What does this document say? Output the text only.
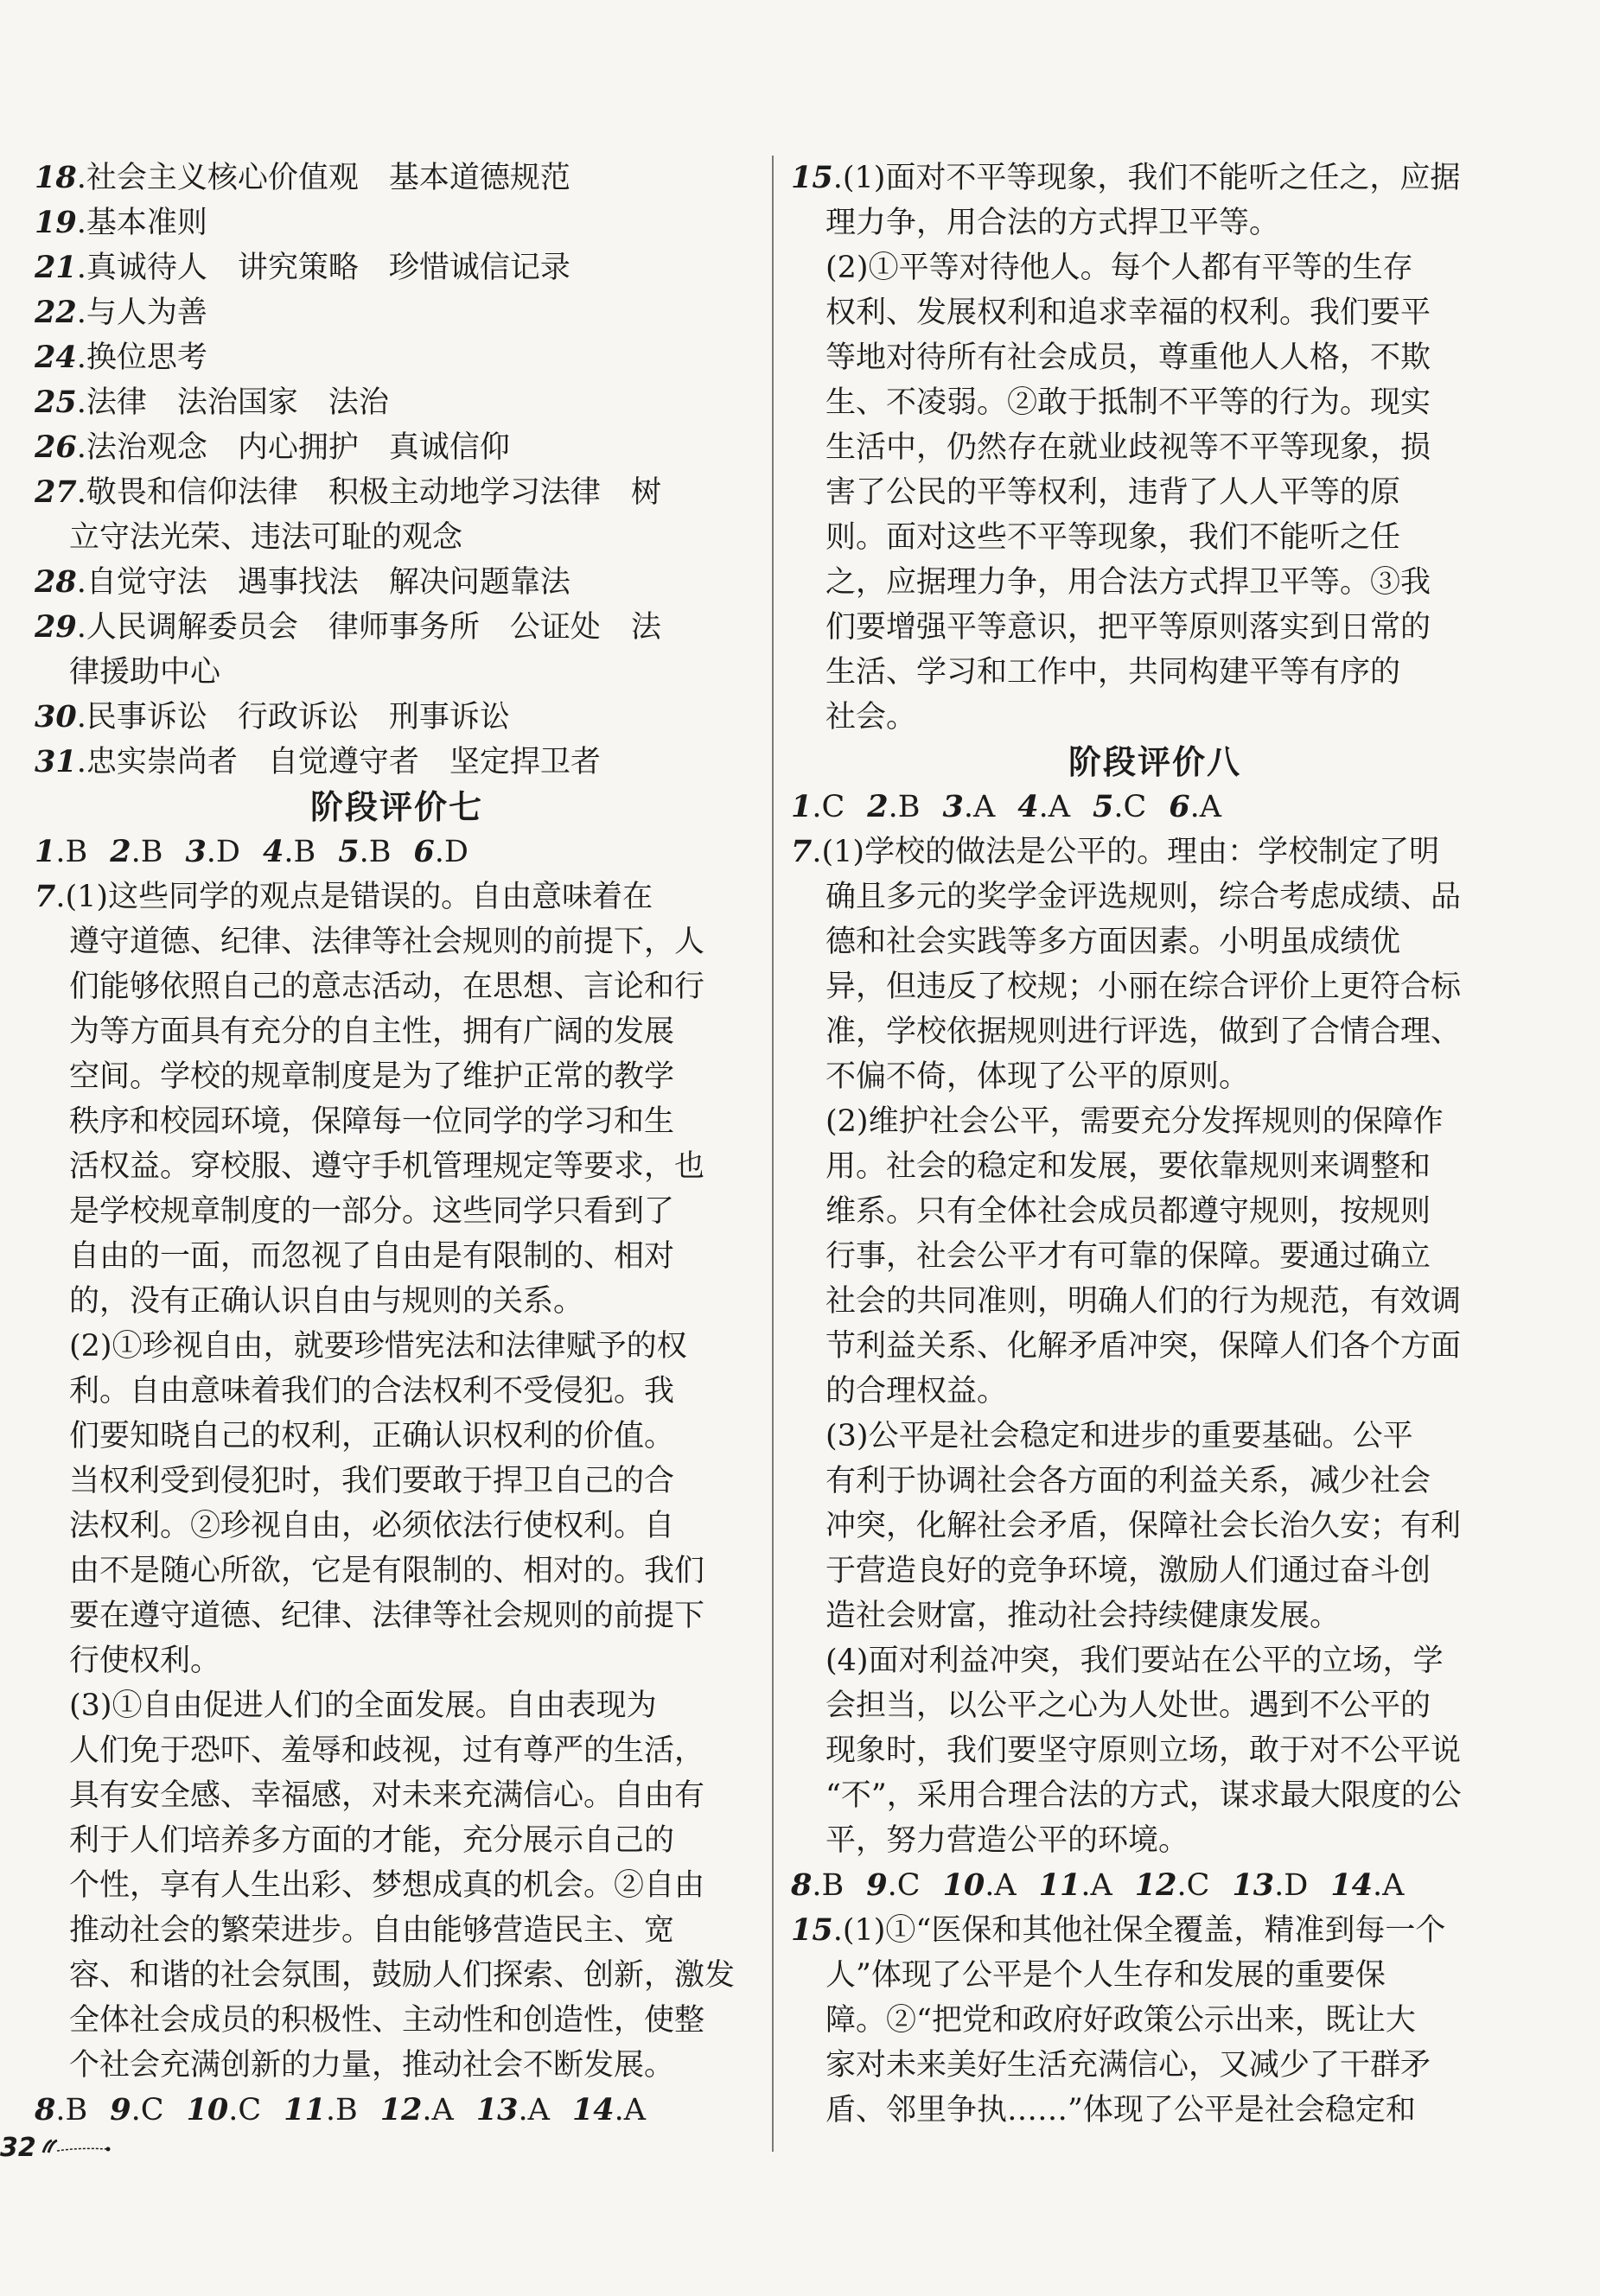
18.社会主义核心价值观　基本道德规范
19.基本准则
21.真诚待人　讲究策略　珍惜诚信记录
22.与人为善
24.换位思考
25.法律　法治国家　法治
26.法治观念　内心拥护　真诚信仰
27.敬畏和信仰法律　积极主动地学习法律　树
立守法光荣、违法可耻的观念
28.自觉守法　遇事找法　解决问题靠法
29.人民调解委员会　律师事务所　公证处　法
律援助中心
30.民事诉讼　行政诉讼　刑事诉讼
31.忠实崇尚者　自觉遵守者　坚定捍卫者
阶段评价七
1.B 2.B 3.D 4.B 5.B 6.D
7.(1)这些同学的观点是错误的。自由意味着在
遵守道德、纪律、法律等社会规则的前提下，人
们能够依照自己的意志活动，在思想、言论和行
为等方面具有充分的自主性，拥有广阔的发展
空间。学校的规章制度是为了维护正常的教学
秩序和校园环境，保障每一位同学的学习和生
活权益。穿校服、遵守手机管理规定等要求，也
是学校规章制度的一部分。这些同学只看到了
自由的一面，而忽视了自由是有限制的、相对
的，没有正确认识自由与规则的关系。
(2)①珍视自由，就要珍惜宪法和法律赋予的权
利。自由意味着我们的合法权利不受侵犯。我
们要知晓自己的权利，正确认识权利的价值。
当权利受到侵犯时，我们要敢于捍卫自己的合
法权利。②珍视自由，必须依法行使权利。自
由不是随心所欲，它是有限制的、相对的。我们
要在遵守道德、纪律、法律等社会规则的前提下
行使权利。
(3)①自由促进人们的全面发展。自由表现为
人们免于恐吓、羞辱和歧视，过有尊严的生活，
具有安全感、幸福感，对未来充满信心。自由有
利于人们培养多方面的才能，充分展示自己的
个性，享有人生出彩、梦想成真的机会。②自由
推动社会的繁荣进步。自由能够营造民主、宽
容、和谐的社会氛围，鼓励人们探索、创新，激发
全体社会成员的积极性、主动性和创造性，使整
个社会充满创新的力量，推动社会不断发展。
8.B 9.C 10.C 11.B 12.A 13.A 14.A
15.(1)面对不平等现象，我们不能听之任之，应据
理力争，用合法的方式捍卫平等。
(2)①平等对待他人。每个人都有平等的生存
权利、发展权利和追求幸福的权利。我们要平
等地对待所有社会成员，尊重他人人格，不欺
生、不凌弱。②敢于抵制不平等的行为。现实
生活中，仍然存在就业歧视等不平等现象，损
害了公民的平等权利，违背了人人平等的原
则。面对这些不平等现象，我们不能听之任
之，应据理力争，用合法方式捍卫平等。③我
们要增强平等意识，把平等原则落实到日常的
生活、学习和工作中，共同构建平等有序的
社会。
阶段评价八
1.C 2.B 3.A 4.A 5.C 6.A
7.(1)学校的做法是公平的。理由：学校制定了明
确且多元的奖学金评选规则，综合考虑成绩、品
德和社会实践等多方面因素。小明虽成绩优
异，但违反了校规；小丽在综合评价上更符合标
准，学校依据规则进行评选，做到了合情合理、
不偏不倚，体现了公平的原则。
(2)维护社会公平，需要充分发挥规则的保障作
用。社会的稳定和发展，要依靠规则来调整和
维系。只有全体社会成员都遵守规则，按规则
行事，社会公平才有可靠的保障。要通过确立
社会的共同准则，明确人们的行为规范，有效调
节利益关系、化解矛盾冲突，保障人们各个方面
的合理权益。
(3)公平是社会稳定和进步的重要基础。公平
有利于协调社会各方面的利益关系，减少社会
冲突，化解社会矛盾，保障社会长治久安；有利
于营造良好的竞争环境，激励人们通过奋斗创
造社会财富，推动社会持续健康发展。
(4)面对利益冲突，我们要站在公平的立场，学
会担当，以公平之心为人处世。遇到不公平的
现象时，我们要坚守原则立场，敢于对不公平说
“不”，采用合理合法的方式，谋求最大限度的公
平，努力营造公平的环境。
8.B 9.C 10.A 11.A 12.C 13.D 14.A
15.(1)①“医保和其他社保全覆盖，精准到每一个
人”体现了公平是个人生存和发展的重要保
障。②“把党和政府好政策公示出来，既让大
家对未来美好生活充满信心，又减少了干群矛
盾、邻里争执……”体现了公平是社会稳定和
32
